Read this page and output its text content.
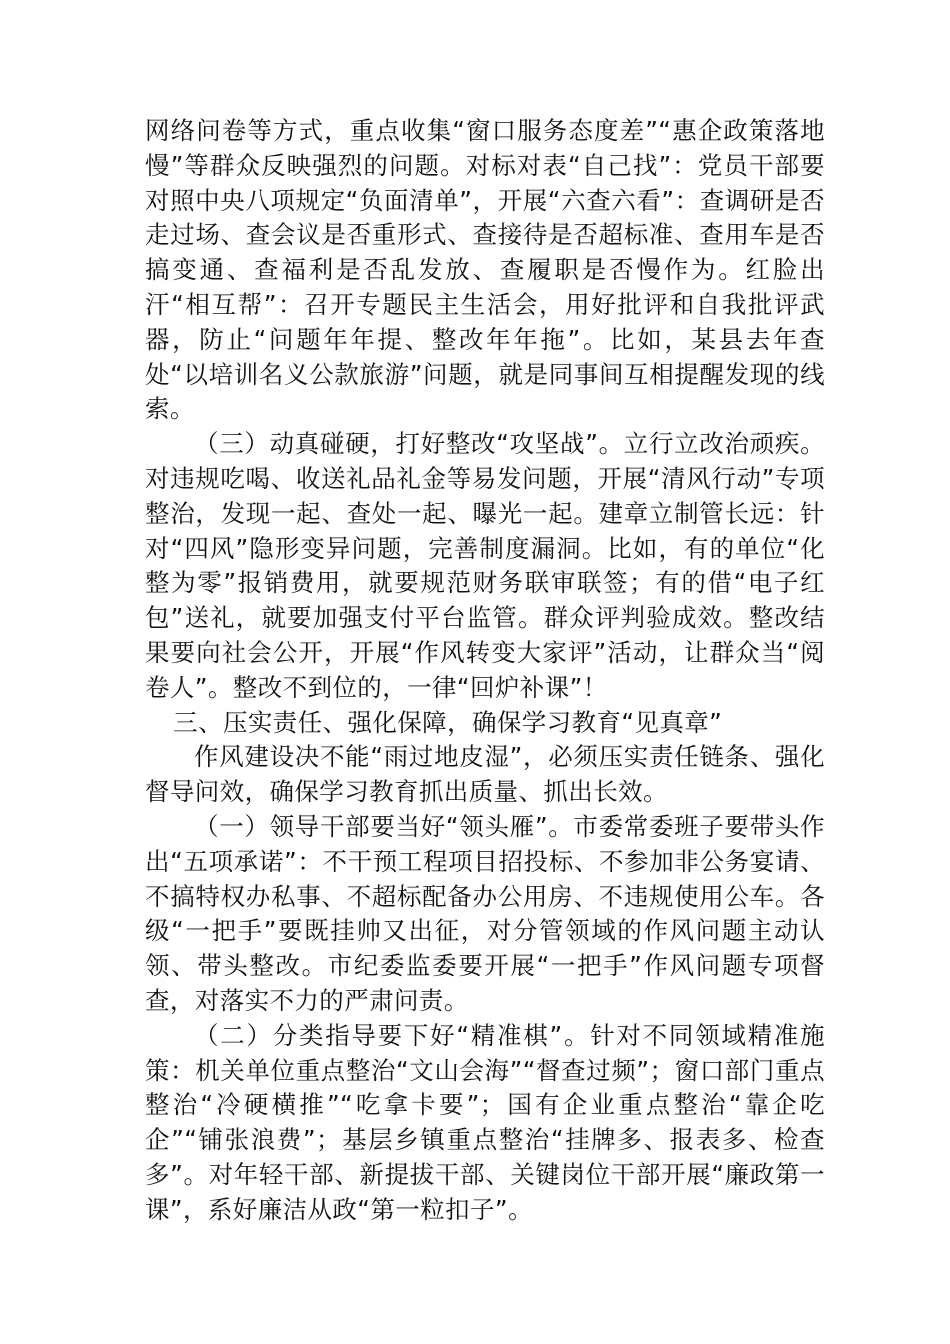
网络问卷等方式，重点收集“窗口服务态度差”“惠企政策落地慢”等群众反映强烈的问题。对标对表“自己找”：党员干部要对照中央八项规定“负面清单”，开展“六查六看”：查调研是否走过场、查会议是否重形式、查接待是否超标准、查用车是否搞变通、查福利是否乱发放、查履职是否慢作为。红脸出汗“相互帮”：召开专题民主生活会，用好批评和自我批评武器，防止“问题年年提、整改年年拖”。比如，某县去年查处“以培训名义公款旅游”问题，就是同事间互相提醒发现的线索。

（三）动真碰硬，打好整改“攻坚战”。立行立改治顽疾。对违规吃喝、收送礼品礼金等易发问题，开展“清风行动”专项整治，发现一起、查处一起、曝光一起。建章立制管长远：针对“四风”隐形变异问题，完善制度漏洞。比如，有的单位“化整为零”报销费用，就要规范财务联审联签；有的借“电子红包”送礼，就要加强支付平台监管。群众评判验成效。整改结果要向社会公开，开展“作风转变大家评”活动，让群众当“阅卷人”。整改不到位的，一律“回炉补课”！

三、压实责任、强化保障，确保学习教育“见真章”

作风建设决不能“雨过地皮湿”，必须压实责任链条、强化督导问效，确保学习教育抓出质量、抓出长效。

（一）领导干部要当好“领头雁”。市委常委班子要带头作出“五项承诺”：不干预工程项目招投标、不参加非公务宴请、不搞特权办私事、不超标配备办公用房、不违规使用公车。各级“一把手”要既挂帅又出征，对分管领域的作风问题主动认领、带头整改。市纪委监委要开展“一把手”作风问题专项督查，对落实不力的严肃问责。

（二）分类指导要下好“精准棋”。针对不同领域精准施策：机关单位重点整治“文山会海”“督查过频”；窗口部门重点整治“冷硬横推”“吃拿卡要”；国有企业重点整治“靠企吃企”“铺张浪费”；基层乡镇重点整治“挂牌多、报表多、检查多”。对年轻干部、新提拔干部、关键岗位干部开展“廉政第一课”，系好廉洁从政“第一粒扣子”。
